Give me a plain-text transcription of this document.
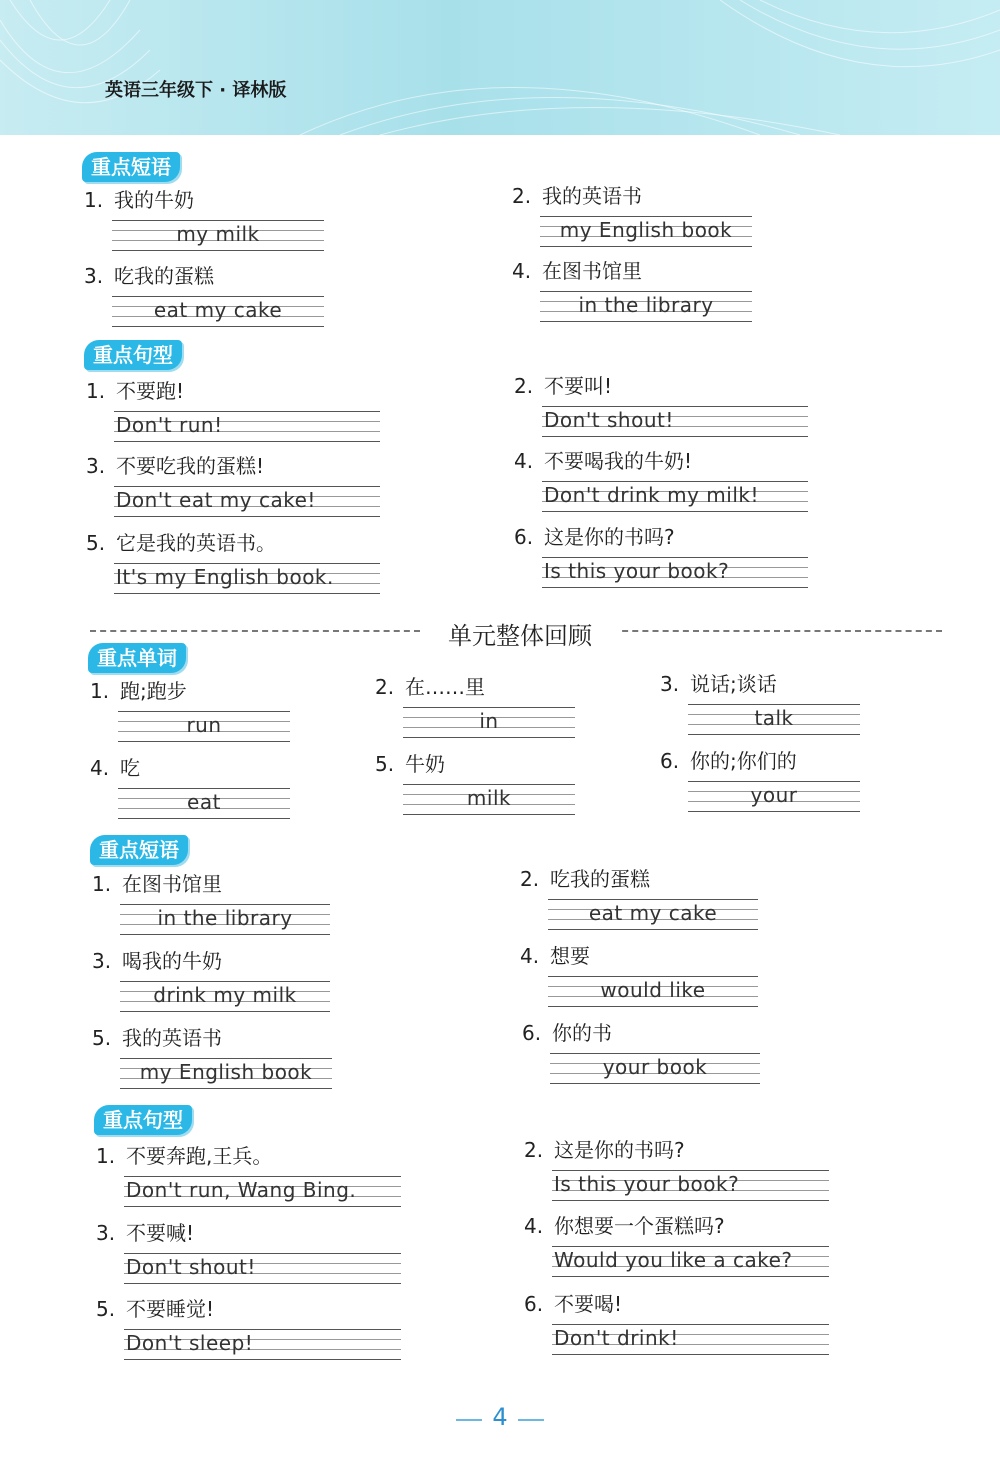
英语三年级下 · 译林版
重点短语
1. 我的牛奶
my milk
2. 我的英语书
my English book
3. 吃我的蛋糕
eat my cake
4. 在图书馆里
in the library
重点句型
1. 不要跑!
Don't run!
2. 不要叫!
Don't shout!
3. 不要吃我的蛋糕!
Don't eat my cake!
4. 不要喝我的牛奶!
Don't drink my milk!
5. 它是我的英语书。
It's my English book.
6. 这是你的书吗?
Is this your book?
单元整体回顾
重点单词
1. 跑;跑步
run
2. 在……里
in
3. 说话;谈话
talk
4. 吃
eat
5. 牛奶
milk
6. 你的;你们的
your
重点短语
1. 在图书馆里
in the library
2. 吃我的蛋糕
eat my cake
3. 喝我的牛奶
drink my milk
4. 想要
would like
5. 我的英语书
my English book
6. 你的书
your book
重点句型
1. 不要奔跑,王兵。
Don't run, Wang Bing.
2. 这是你的书吗?
Is this your book?
3. 不要喊!
Don't shout!
4. 你想要一个蛋糕吗?
Would you like a cake?
5. 不要睡觉!
Don't sleep!
6. 不要喝!
Don't drink!
4
